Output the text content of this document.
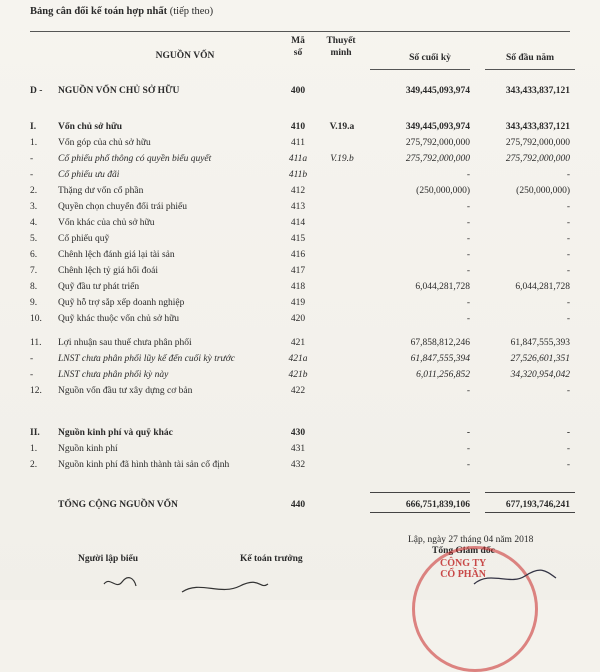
Bảng cân đối kế toán hợp nhất (tiếp theo)
NGUỒN VỐN
Mã
số
Thuyết
minh	Số cuối kỳ	Số đầu năm
D - NGUỒN VỐN CHỦ SỞ HỮU	400	349,445,093,974	343,433,837,121
I. Vốn chủ sở hữu	410	V.19.a	349,445,093,974	343,433,837,121
1. Vốn góp của chủ sở hữu	411	275,792,000,000	275,792,000,000
-	Cổ phiếu phổ thông có quyền biểu quyết	411a	V.19.b	275,792,000,000	275,792,000,000
-	Cổ phiếu ưu đãi	411b	-	-
2. Thặng dư vốn cổ phần	412	(250,000,000)	(250,000,000)
3. Quyền chọn chuyển đổi trái phiếu	413	-	-
4. Vốn khác của chủ sở hữu	414	-	-
5. Cổ phiếu quỹ	415	-	-
6. Chênh lệch đánh giá lại tài sản	416	-	-
7. Chênh lệch tỷ giá hối đoái	417	-	-
8. Quỹ đầu tư phát triển	418	6,044,281,728	6,044,281,728
9. Quỹ hỗ trợ sắp xếp doanh nghiệp	419	-	-
10. Quỹ khác thuộc vốn chủ sở hữu	420	-	-
11. Lợi nhuận sau thuế chưa phân phối	421	67,858,812,246	61,847,555,393
-	LNST chưa phân phối lũy kế đến cuối kỳ trước	421a	61,847,555,394	27,526,601,351
-	LNST chưa phân phối kỳ này	421b	6,011,256,852	34,320,954,042
12. Nguồn vốn đầu tư xây dựng cơ bản	422	-	-
II. Nguồn kinh phí và quỹ khác	430	-	-
1. Nguồn kinh phí	431	-	-
2. Nguồn kinh phí đã hình thành tài sản cố định	432	-	-
TỔNG CỘNG NGUỒN VỐN	440	666,751,839,106	677,193,746,241
Lập, ngày 27 tháng 04 năm 2018
Người lập biểu	Kế toán trưởng
Tổng Giám đốc
CÔNG TY
CỔ PHẦN
